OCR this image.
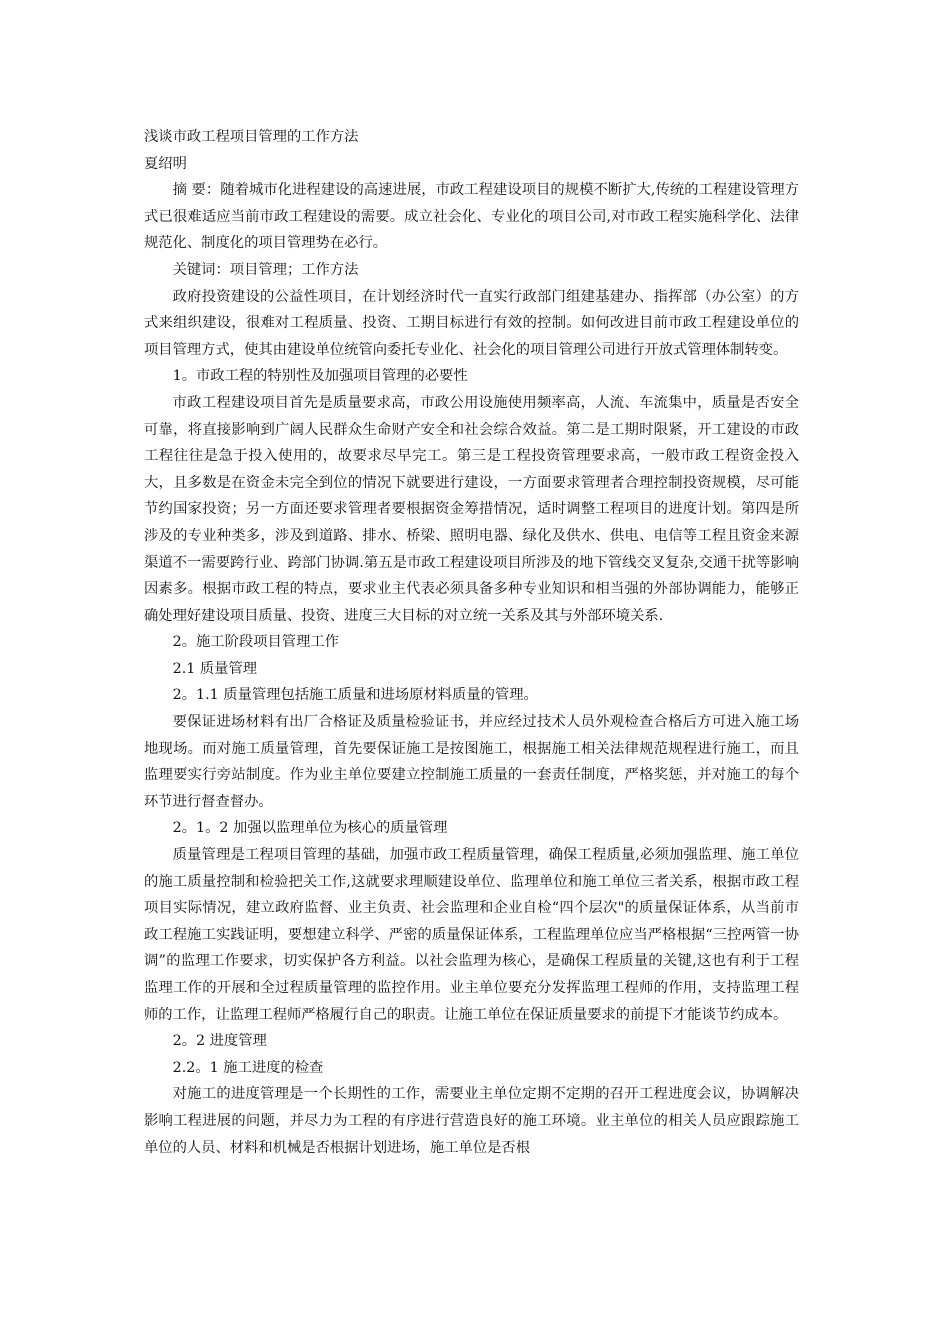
浅谈市政工程项目管理的工作方法

夏绍明

摘 要：随着城市化进程建设的高速进展，市政工程建设项目的规模不断扩大,传统的工程建设管理方式已很难适应当前市政工程建设的需要。成立社会化、专业化的项目公司,对市政工程实施科学化、法律规范化、制度化的项目管理势在必行。

关键词：项目管理；工作方法

政府投资建设的公益性项目，在计划经济时代一直实行政部门组建基建办、指挥部（办公室）的方式来组织建设，很难对工程质量、投资、工期目标进行有效的控制。如何改进目前市政工程建设单位的项目管理方式，使其由建设单位统管向委托专业化、社会化的项目管理公司进行开放式管理体制转变。

1。市政工程的特别性及加强项目管理的必要性

市政工程建设项目首先是质量要求高，市政公用设施使用频率高，人流、车流集中，质量是否安全可靠，将直接影响到广阔人民群众生命财产安全和社会综合效益。第二是工期时限紧，开工建设的市政工程往往是急于投入使用的，故要求尽早完工。第三是工程投资管理要求高，一般市政工程资金投入大，且多数是在资金未完全到位的情况下就要进行建设，一方面要求管理者合理控制投资规模，尽可能节约国家投资；另一方面还要求管理者要根据资金筹措情况，适时调整工程项目的进度计划。第四是所涉及的专业种类多，涉及到道路、排水、桥梁、照明电器、绿化及供水、供电、电信等工程且资金来源渠道不一需要跨行业、跨部门协调.第五是市政工程建设项目所涉及的地下管线交叉复杂,交通干扰等影响因素多。根据市政工程的特点，要求业主代表必须具备多种专业知识和相当强的外部协调能力，能够正确处理好建设项目质量、投资、进度三大目标的对立统一关系及其与外部环境关系.

2。施工阶段项目管理工作

2.1 质量管理

2。1.1 质量管理包括施工质量和进场原材料质量的管理。

要保证进场材料有出厂合格证及质量检验证书，并应经过技术人员外观检查合格后方可进入施工场地现场。而对施工质量管理，首先要保证施工是按图施工，根据施工相关法律规范规程进行施工，而且监理要实行旁站制度。作为业主单位要建立控制施工质量的一套责任制度，严格奖惩，并对施工的每个环节进行督查督办。

2。1。2 加强以监理单位为核心的质量管理

质量管理是工程项目管理的基础，加强市政工程质量管理，确保工程质量,必须加强监理、施工单位的施工质量控制和检验把关工作,这就要求理顺建设单位、监理单位和施工单位三者关系，根据市政工程项目实际情况，建立政府监督、业主负责、社会监理和企业自检“四个层次"的质量保证体系，从当前市政工程施工实践证明，要想建立科学、严密的质量保证体系，工程监理单位应当严格根据“三控两管一协调”的监理工作要求，切实保护各方利益。以社会监理为核心，是确保工程质量的关键,这也有利于工程监理工作的开展和全过程质量管理的监控作用。业主单位要充分发挥监理工程师的作用，支持监理工程师的工作，让监理工程师严格履行自己的职责。让施工单位在保证质量要求的前提下才能谈节约成本。

2。2 进度管理

2.2。1 施工进度的检查

对施工的进度管理是一个长期性的工作，需要业主单位定期不定期的召开工程进度会议，协调解决影响工程进展的问题，并尽力为工程的有序进行营造良好的施工环境。业主单位的相关人员应跟踪施工单位的人员、材料和机械是否根据计划进场，施工单位是否根
